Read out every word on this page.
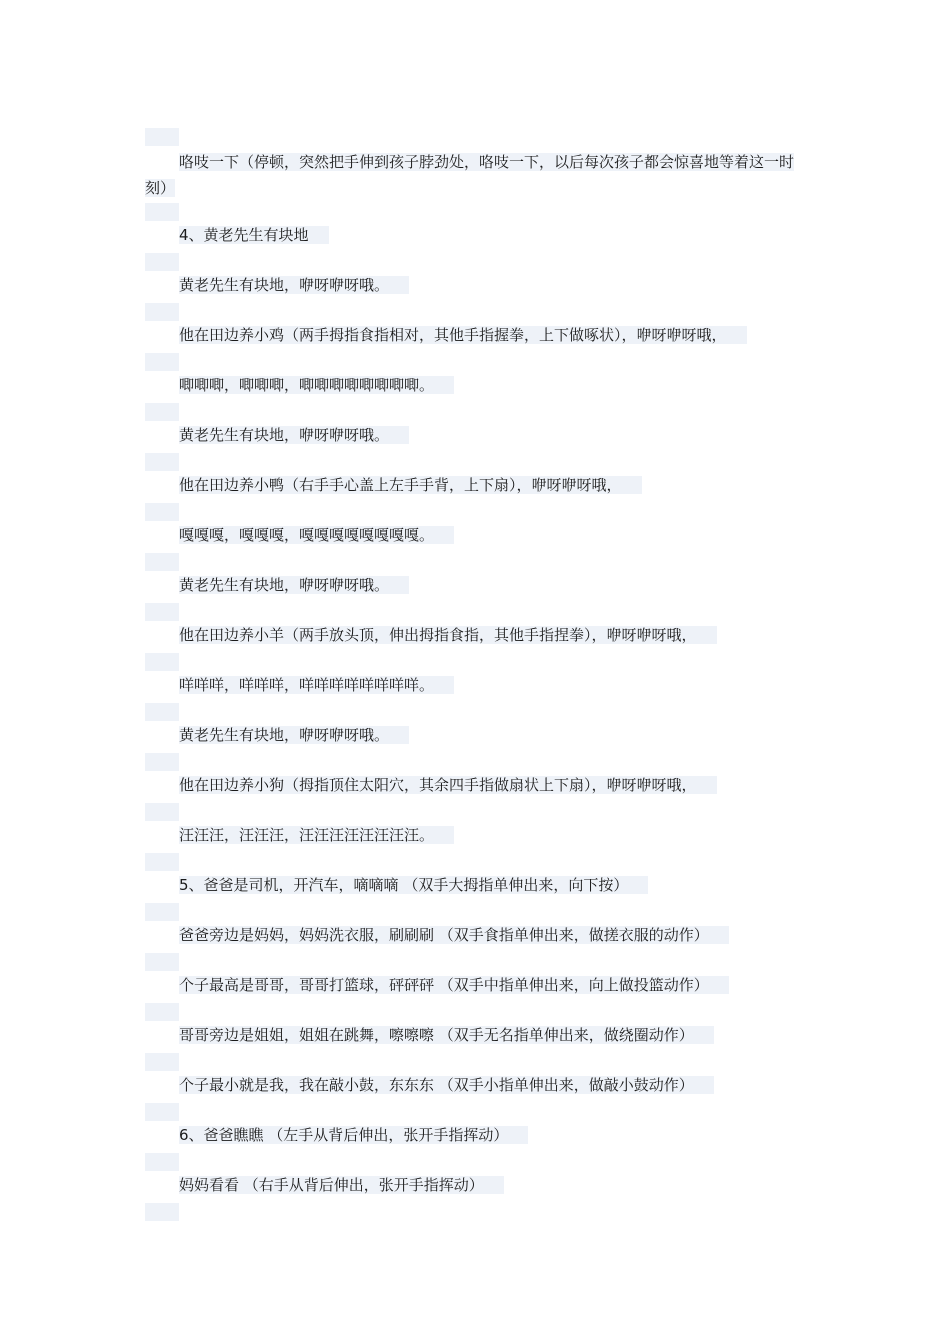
咯吱一下（停顿，突然把手伸到孩子脖劲处，咯吱一下，以后每次孩子都会惊喜地等着这一时刻）
4、黄老先生有块地
黄老先生有块地，咿呀咿呀哦。
他在田边养小鸡（两手拇指食指相对，其他手指握拳，上下做啄状），咿呀咿呀哦，
唧唧唧，唧唧唧，唧唧唧唧唧唧唧唧。
黄老先生有块地，咿呀咿呀哦。
他在田边养小鸭（右手手心盖上左手手背，上下扇），咿呀咿呀哦，
嘎嘎嘎，嘎嘎嘎，嘎嘎嘎嘎嘎嘎嘎嘎。
黄老先生有块地，咿呀咿呀哦。
他在田边养小羊（两手放头顶，伸出拇指食指，其他手指捏拳），咿呀咿呀哦，
咩咩咩，咩咩咩，咩咩咩咩咩咩咩咩。
黄老先生有块地，咿呀咿呀哦。
他在田边养小狗（拇指顶住太阳穴，其余四手指做扇状上下扇），咿呀咿呀哦，
汪汪汪，汪汪汪，汪汪汪汪汪汪汪汪。
5、爸爸是司机，开汽车，嘀嘀嘀 （双手大拇指单伸出来，向下按）
爸爸旁边是妈妈，妈妈洗衣服，刷刷刷 （双手食指单伸出来，做搓衣服的动作）
个子最高是哥哥，哥哥打篮球，砰砰砰 （双手中指单伸出来，向上做投篮动作）
哥哥旁边是姐姐，姐姐在跳舞，嚓嚓嚓 （双手无名指单伸出来，做绕圈动作）
个子最小就是我，我在敲小鼓，东东东 （双手小指单伸出来，做敲小鼓动作）
6、爸爸瞧瞧 （左手从背后伸出，张开手指挥动）
妈妈看看 （右手从背后伸出，张开手指挥动）
